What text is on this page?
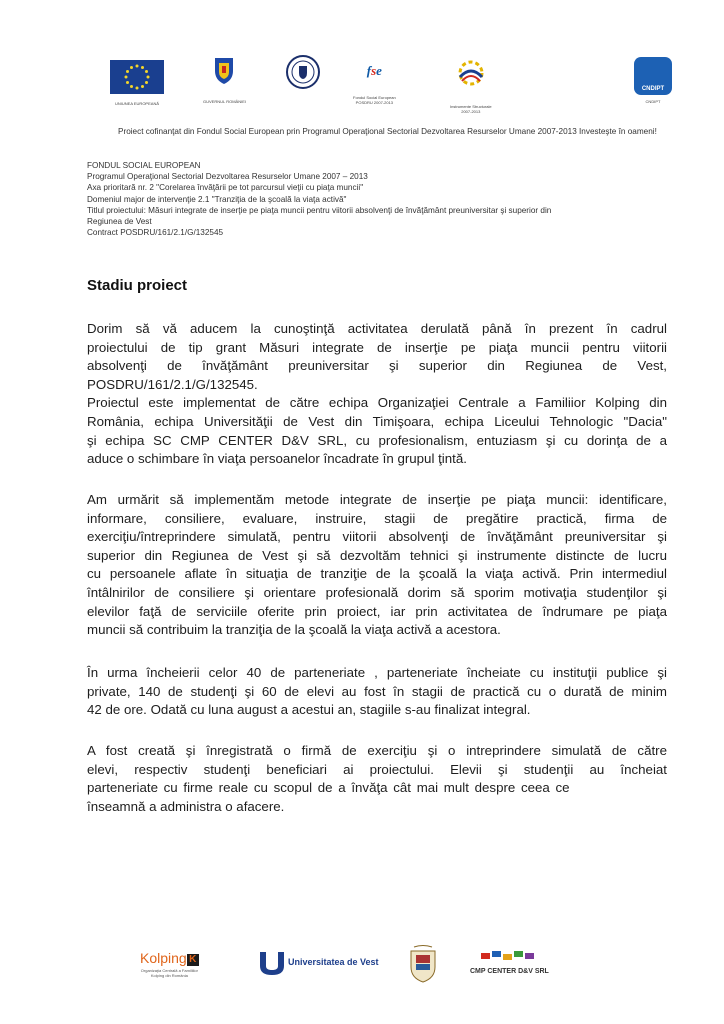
UNIUNEA EUROPEANĂ	GUVERNUL ROMÂNIEI
fse
Fondul Social European
POSDRU 2007-2013
Instrumente Structurale
2007-2013
CNDIPT
CNDIPT
Proiect cofinanţat din Fondul Social European prin Programul Operaţional Sectorial Dezvoltarea Resurselor Umane 2007-2013 Investeşte în oameni!
FONDUL SOCIAL EUROPEAN
Programul Operaţional Sectorial Dezvoltarea Resurselor Umane 2007 – 2013
Axa prioritară nr. 2 "Corelarea învăţării pe tot parcursul vieţii cu piaţa muncii"
Domeniul major de intervenţie 2.1 "Tranziţia de la şcoală la viaţa activă"
Titlul proiectului: Măsuri integrate de inserţie pe piaţa muncii pentru viitorii absolvenţi de învăţământ preuniversitar şi superior din
Regiunea de Vest
Contract POSDRU/161/2.1/G/132545
Stadiu proiect
Dorim să vă aducem la cunoştinţă activitatea derulată până în prezent în cadrul
proiectului de tip grant Măsuri integrate de inserţie pe piaţa muncii pentru viitorii
absolvenţi de învăţământ preuniversitar şi superior din Regiunea de Vest,
POSDRU/161/2.1/G/132545.
Proiectul este implementat de către echipa Organizaţiei Centrale a Familiior Kolping din
România, echipa Universităţii de Vest din Timişoara, echipa Liceului Tehnologic "Dacia"
şi echipa SC CMP CENTER D&V SRL, cu profesionalism, entuziasm şi cu dorinţa de a
aduce o schimbare în viaţa persoanelor încadrate în grupul ţintă.
Am urmărit să implementăm metode integrate de inserţie pe piaţa muncii: identificare,
informare, consiliere, evaluare, instruire, stagii de pregătire practică, firma de
exerciţiu/întreprindere simulată, pentru viitorii absolvenţi de învăţământ preuniversitar şi
superior din Regiunea de Vest şi să dezvoltăm tehnici şi instrumente distincte de lucru
cu persoanele aflate în situaţia de tranziţie de la şcoală la viaţa activă. Prin intermediul
întâlnirilor de consiliere şi orientare profesională dorim să sporim motivaţia studenţilor şi
elevilor faţă de serviciile oferite prin proiect, iar prin activitatea de îndrumare pe piaţa
muncii să contribuim la tranziţia de la şcoală la viaţa activă a acestora.
În urma încheierii celor 40 de parteneriate , parteneriate încheiate cu instituţii publice şi
private, 140 de studenţi şi 60 de elevi au fost în stagii de practică cu o durată de minim
42 de ore. Odată cu luna august a acestui an, stagiile s-au finalizat integral.
A fost creată şi înregistrată o firmă de exerciţiu şi o intreprindere simulată de către
elevi, respectiv studenţi beneficiari ai proiectului. Elevii şi studenţii au încheiat
parteneriate cu firme reale cu scopul de a învăţa cât mai mult despre ceea ce
înseamnă a administra o afacere.
Kolping K
Organizaţia Centrală a Familiilor
Kolping din România
Universitatea de Vest
CMP CENTER D&V SRL
